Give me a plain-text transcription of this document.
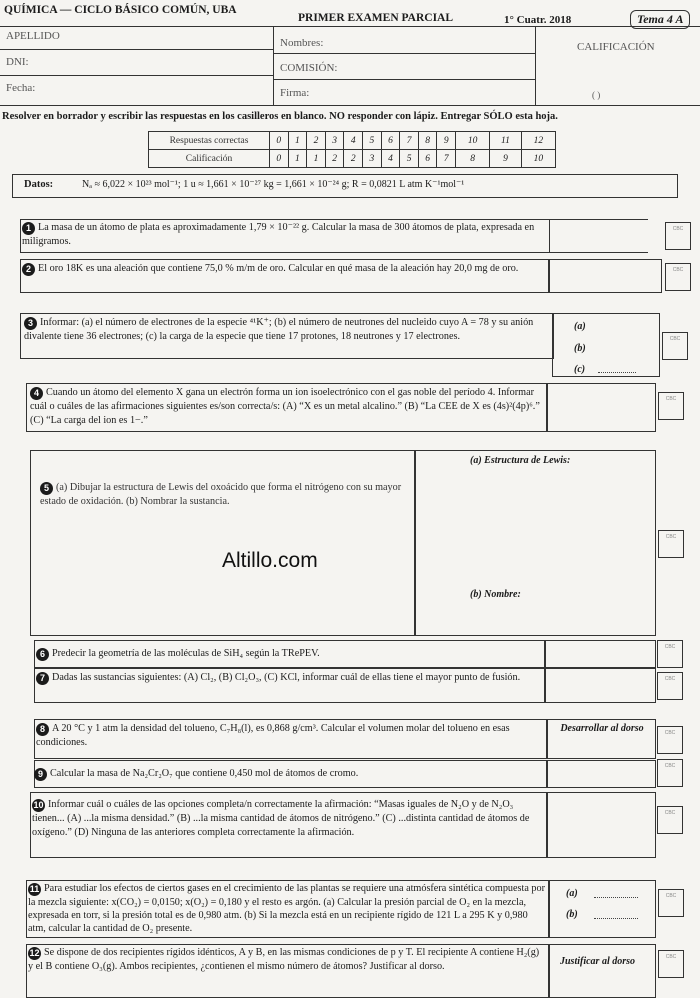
QUÍMICA — CICLO BÁSICO COMÚN, UBA
PRIMER EXAMEN PARCIAL	1° Cuatr. 2018	Tema 4 A
APELLIDO
Nombres:	CALIFICACIÓN
DNI:	COMISIÓN:
Fecha:	Firma:	( )
Resolver en borrador y escribir las respuestas en los casilleros en blanco. NO responder con lápiz. Entregar SÓLO esta hoja.
Respuestas correctas	0	1	2	3	4	5	6	7	8	9	10	11	12
Calificación	0	1	1	2	2	3	4	5	6	7	8	9	10
Datos:	Nₐ ≈ 6,022 × 10²³ mol⁻¹; 1 u ≈ 1,661 × 10⁻²⁷ kg = 1,661 × 10⁻²⁴ g; R = 0,0821 L atm K⁻¹mol⁻¹
1 La masa de un átomo de plata es aproximadamente 1,79 × 10⁻²² g. Calcular la masa de 300 átomos de plata, expresada en miligramos.
CBC
2 El oro 18K es una aleación que contiene 75,0 % m/m de oro. Calcular en qué masa de la aleación hay 20,0 mg de oro.	CBC
3 Informar: (a) el número de electrones de la especie ⁴¹K⁺; (b) el número de neutrones del nucleido cuyo A = 78 y su anión divalente tiene 36 electrones; (c) la carga de la especie que tiene 17 protones, 18 neutrones y 17 electrones.
(a)
(b)
(c)
CBC
4 Cuando un átomo del elemento X gana un electrón forma un ion isoelectrónico con el gas noble del período 4. Informar cuál o cuáles de las afirmaciones siguientes es/son correcta/s: (A) “X es un metal alcalino.” (B) “La CEE de X es (4s)²(4p)⁶.” (C) “La carga del ion es 1−.”
CBC
5 (a) Dibujar la estructura de Lewis del oxoácido que forma el nitrógeno con su mayor estado de oxidación. (b) Nombrar la sustancia.
(a) Estructura de Lewis:
(b) Nombre:
CBC
Altillo.com
6 Predecir la geometría de las moléculas de SiH₄ según la TRePEV.
CBC
7 Dadas las sustancias siguientes: (A) Cl₂, (B) Cl₂O₃, (C) KCl, informar cuál de ellas tiene el mayor punto de fusión.	CBC
8 A 20 °C y 1 atm la densidad del tolueno, C₇H₈(l), es 0,868 g/cm³. Calcular el volumen molar del tolueno en esas condiciones.
Desarrollar al dorso	CBC
9 Calcular la masa de Na₂Cr₂O₇ que contiene 0,450 mol de átomos de cromo.
CBC
10 Informar cuál o cuáles de las opciones completa/n correctamente la afirmación: “Masas iguales de N₂O y de N₂O₃ tienen... (A) ...la misma densidad.” (B) ...la misma cantidad de átomos de nitrógeno.” (C) ...distinta cantidad de átomos de oxígeno.” (D) Ninguna de las anteriores completa correctamente la afirmación.
CBC
11 Para estudiar los efectos de ciertos gases en el crecimiento de las plantas se requiere una atmósfera sintética compuesta por la mezcla siguiente: x(CO₂) = 0,0150; x(O₂) = 0,180 y el resto es argón. (a) Calcular la presión parcial de O₂ en la mezcla, expresada en torr, si la presión total es de 0,980 atm. (b) Si la mezcla está en un recipiente rígido de 121 L a 295 K y 0,980 atm, calcular la cantidad de O₂ presente.
(a)
(b)
CBC
12 Se dispone de dos recipientes rígidos idénticos, A y B, en las mismas condiciones de p y T. El recipiente A contiene H₂(g) y el B contiene O₃(g). Ambos recipientes, ¿contienen el mismo número de átomos? Justificar al dorso.	Justificar al dorso	CBC
